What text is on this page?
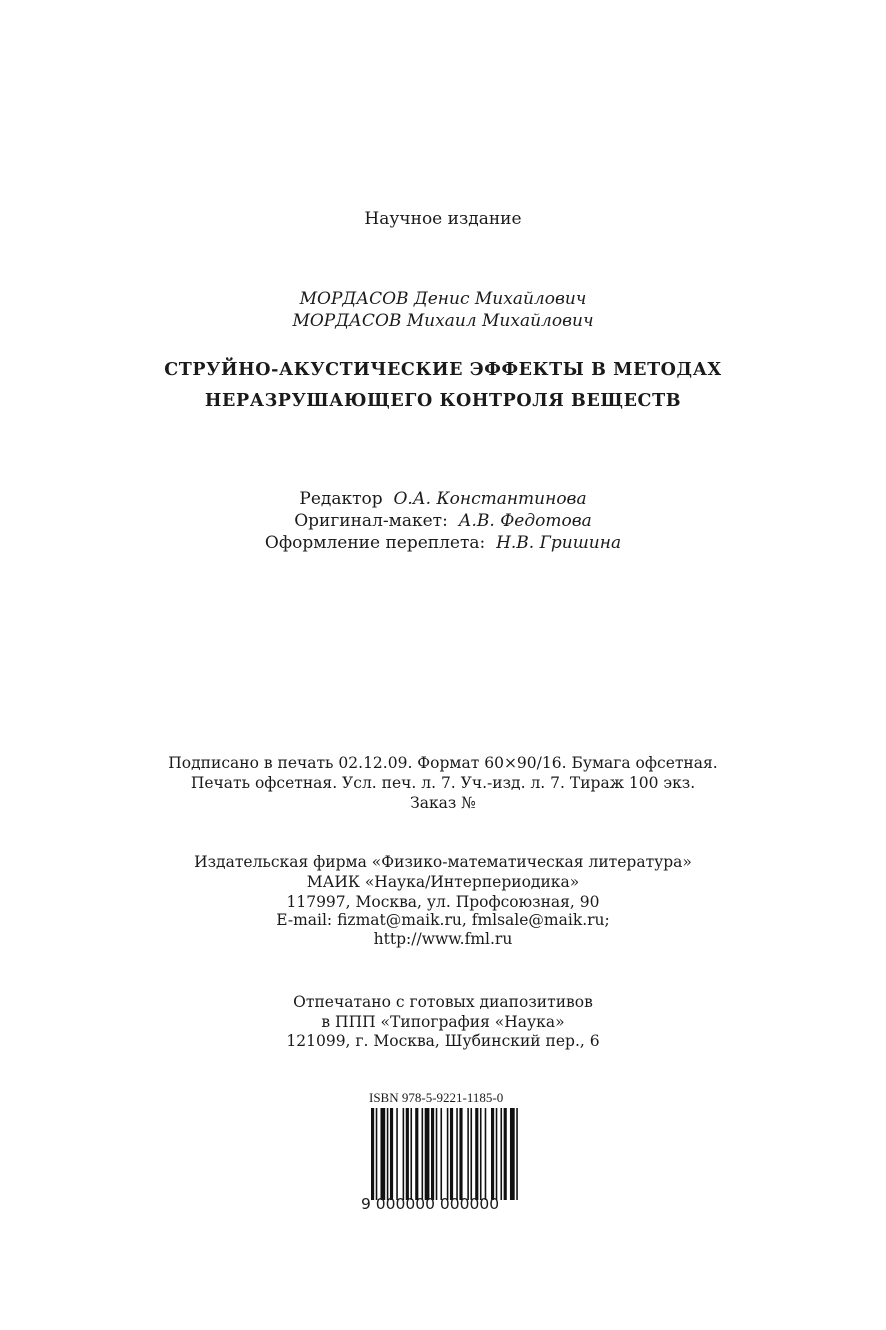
Научное издание
МОРДАСОВ Денис Михайлович
МОРДАСОВ Михаил Михайлович
СТРУЙНО-АКУСТИЧЕСКИЕ ЭФФЕКТЫ В МЕТОДАХ
НЕРАЗРУШАЮЩЕГО КОНТРОЛЯ ВЕЩЕСТВ
Редактор О.А. Константинова
Оригинал-макет: А.В. Федотова
Оформление переплета: Н.В. Гришина
Подписано в печать 02.12.09. Формат 60×90/16. Бумага офсетная.
Печать офсетная. Усл. печ. л. 7. Уч.-изд. л. 7. Тираж 100 экз.
Заказ №
Издательская фирма «Физико-математическая литература»
МАИК «Наука/Интерпериодика»
117997, Москва, ул. Профсоюзная, 90
E-mail: fizmat@maik.ru, fmlsale@maik.ru;
http://www.fml.ru
Отпечатано с готовых диапозитивов
в ППП «Типография «Наука»
121099, г. Москва, Шубинский пер., 6
ISBN 978-5-9221-1185-0
9 000000 000000
